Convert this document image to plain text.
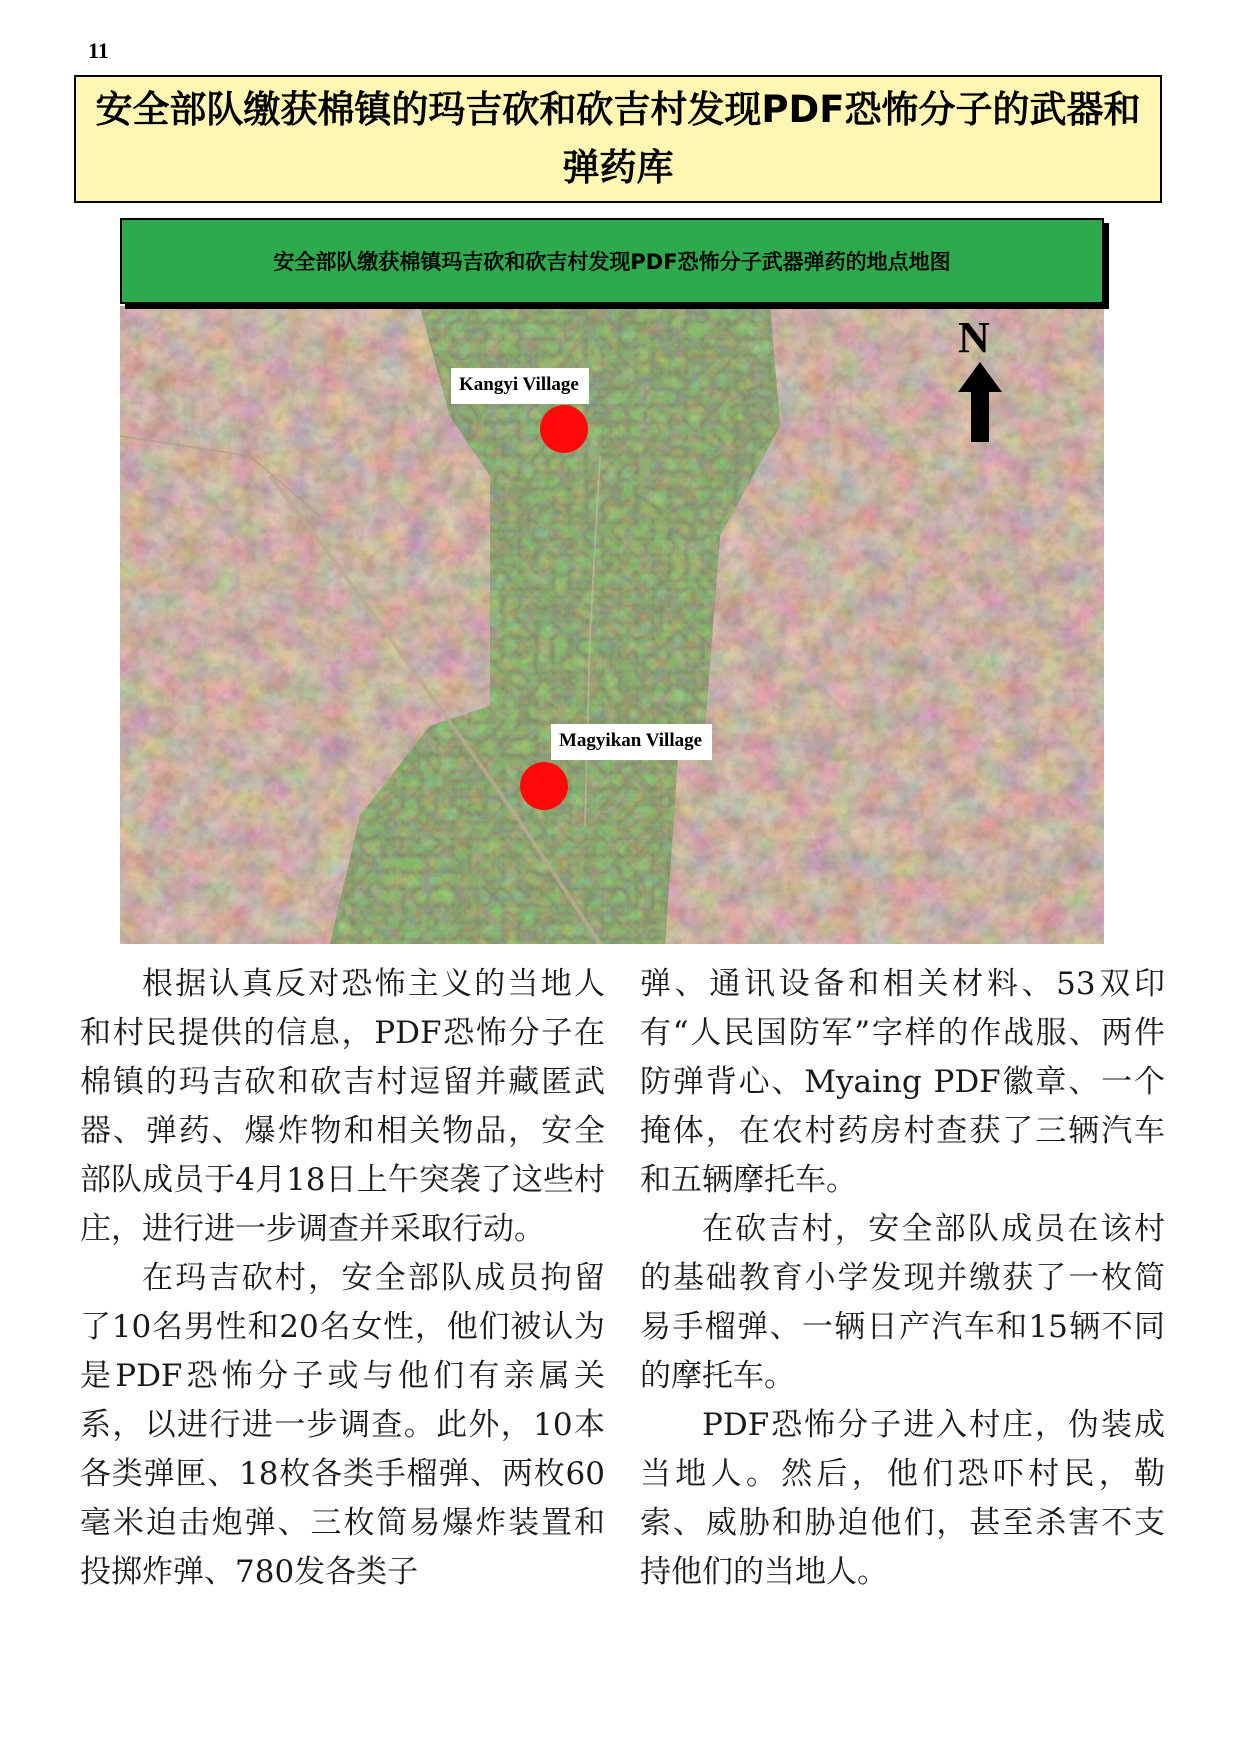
11
安全部队缴获棉镇的玛吉砍和砍吉村发现PDF恐怖分子的武器和弹药库
安全部队缴获棉镇玛吉砍和砍吉村发现PDF恐怖分子武器弹药的地点地图
Kangyi Village
Magyikan Village
N

根据认真反对恐怖主义的当地人和村民提供的信息，PDF恐怖分子在棉镇的玛吉砍和砍吉村逗留并藏匿武器、弹药、爆炸物和相关物品，安全部队成员于4月18日上午突袭了这些村庄，进行进一步调查并采取行动。

在玛吉砍村，安全部队成员拘留了10名男性和20名女性，他们被认为是PDF恐怖分子或与他们有亲属关系，以进行进一步调查。此外，10本各类弹匣、18枚各类手榴弹、两枚60毫米迫击炮弹、三枚简易爆炸装置和投掷炸弹、780发各类子

弹、通讯设备和相关材料、53双印有“人民国防军”字样的作战服、两件防弹背心、Myaing PDF徽章、一个掩体，在农村药房村查获了三辆汽车和五辆摩托车。

在砍吉村，安全部队成员在该村的基础教育小学发现并缴获了一枚简易手榴弹、一辆日产汽车和15辆不同的摩托车。

PDF恐怖分子进入村庄，伪装成当地人。然后，他们恐吓村民，勒索、威胁和胁迫他们，甚至杀害不支持他们的当地人。
